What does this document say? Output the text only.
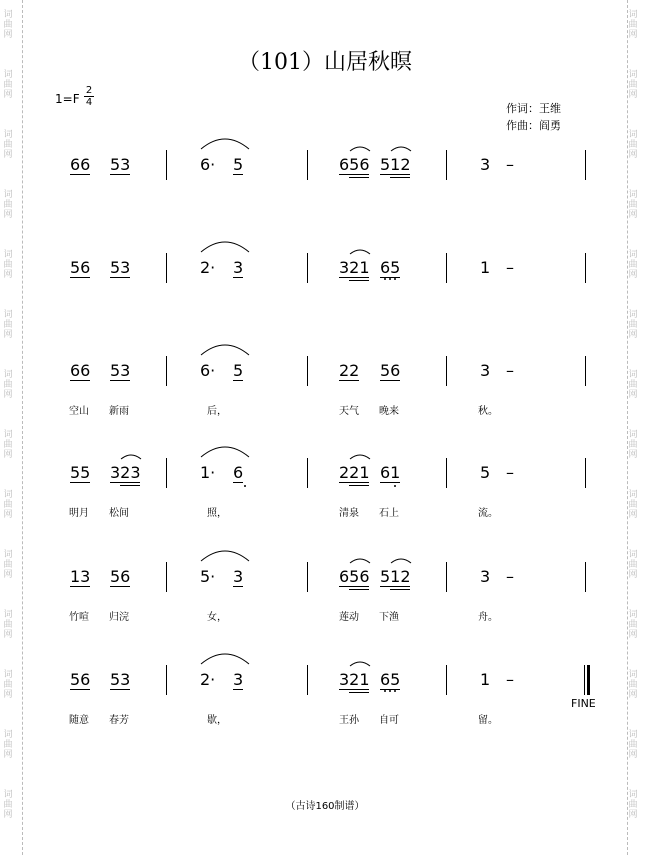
词
曲
网
词
曲
网
词
曲
网
词
曲
网
词
曲
网
词
曲
网
词
曲
网
词
曲
网
词
曲
网
词
曲
网
词
曲
网
词
曲
网
词
曲
网
词
曲
网
词
曲
网
词
曲
网
词
曲
网
词
曲
网
词
曲
网
词
曲
网
词
曲
网
词
曲
网
词
曲
网
词
曲
网
词
曲
网
词
曲
网
词
曲
网
词
曲
网
（101）山居秋暝
$1=F \frac{2}{4}$
作词：王维
作曲：阎勇
66 53	6· 5	656 512	3 –
56 53	2· 3	321 65	1 –
66 53	6· 5	22 56	3 –
空山 新雨	后，	天气 晚来	秋。
55 323	1· 6	221 61	5 –
明月 松间	照，	清泉 石上	流。
13 56	5· 3	656 512	3 –
竹喧 归浣	女，	莲动 下渔	舟。
56 53	2· 3	321 65	1 –
随意 春芳	歇，	王孙 自可	留。
FINE
（古诗160制谱）
